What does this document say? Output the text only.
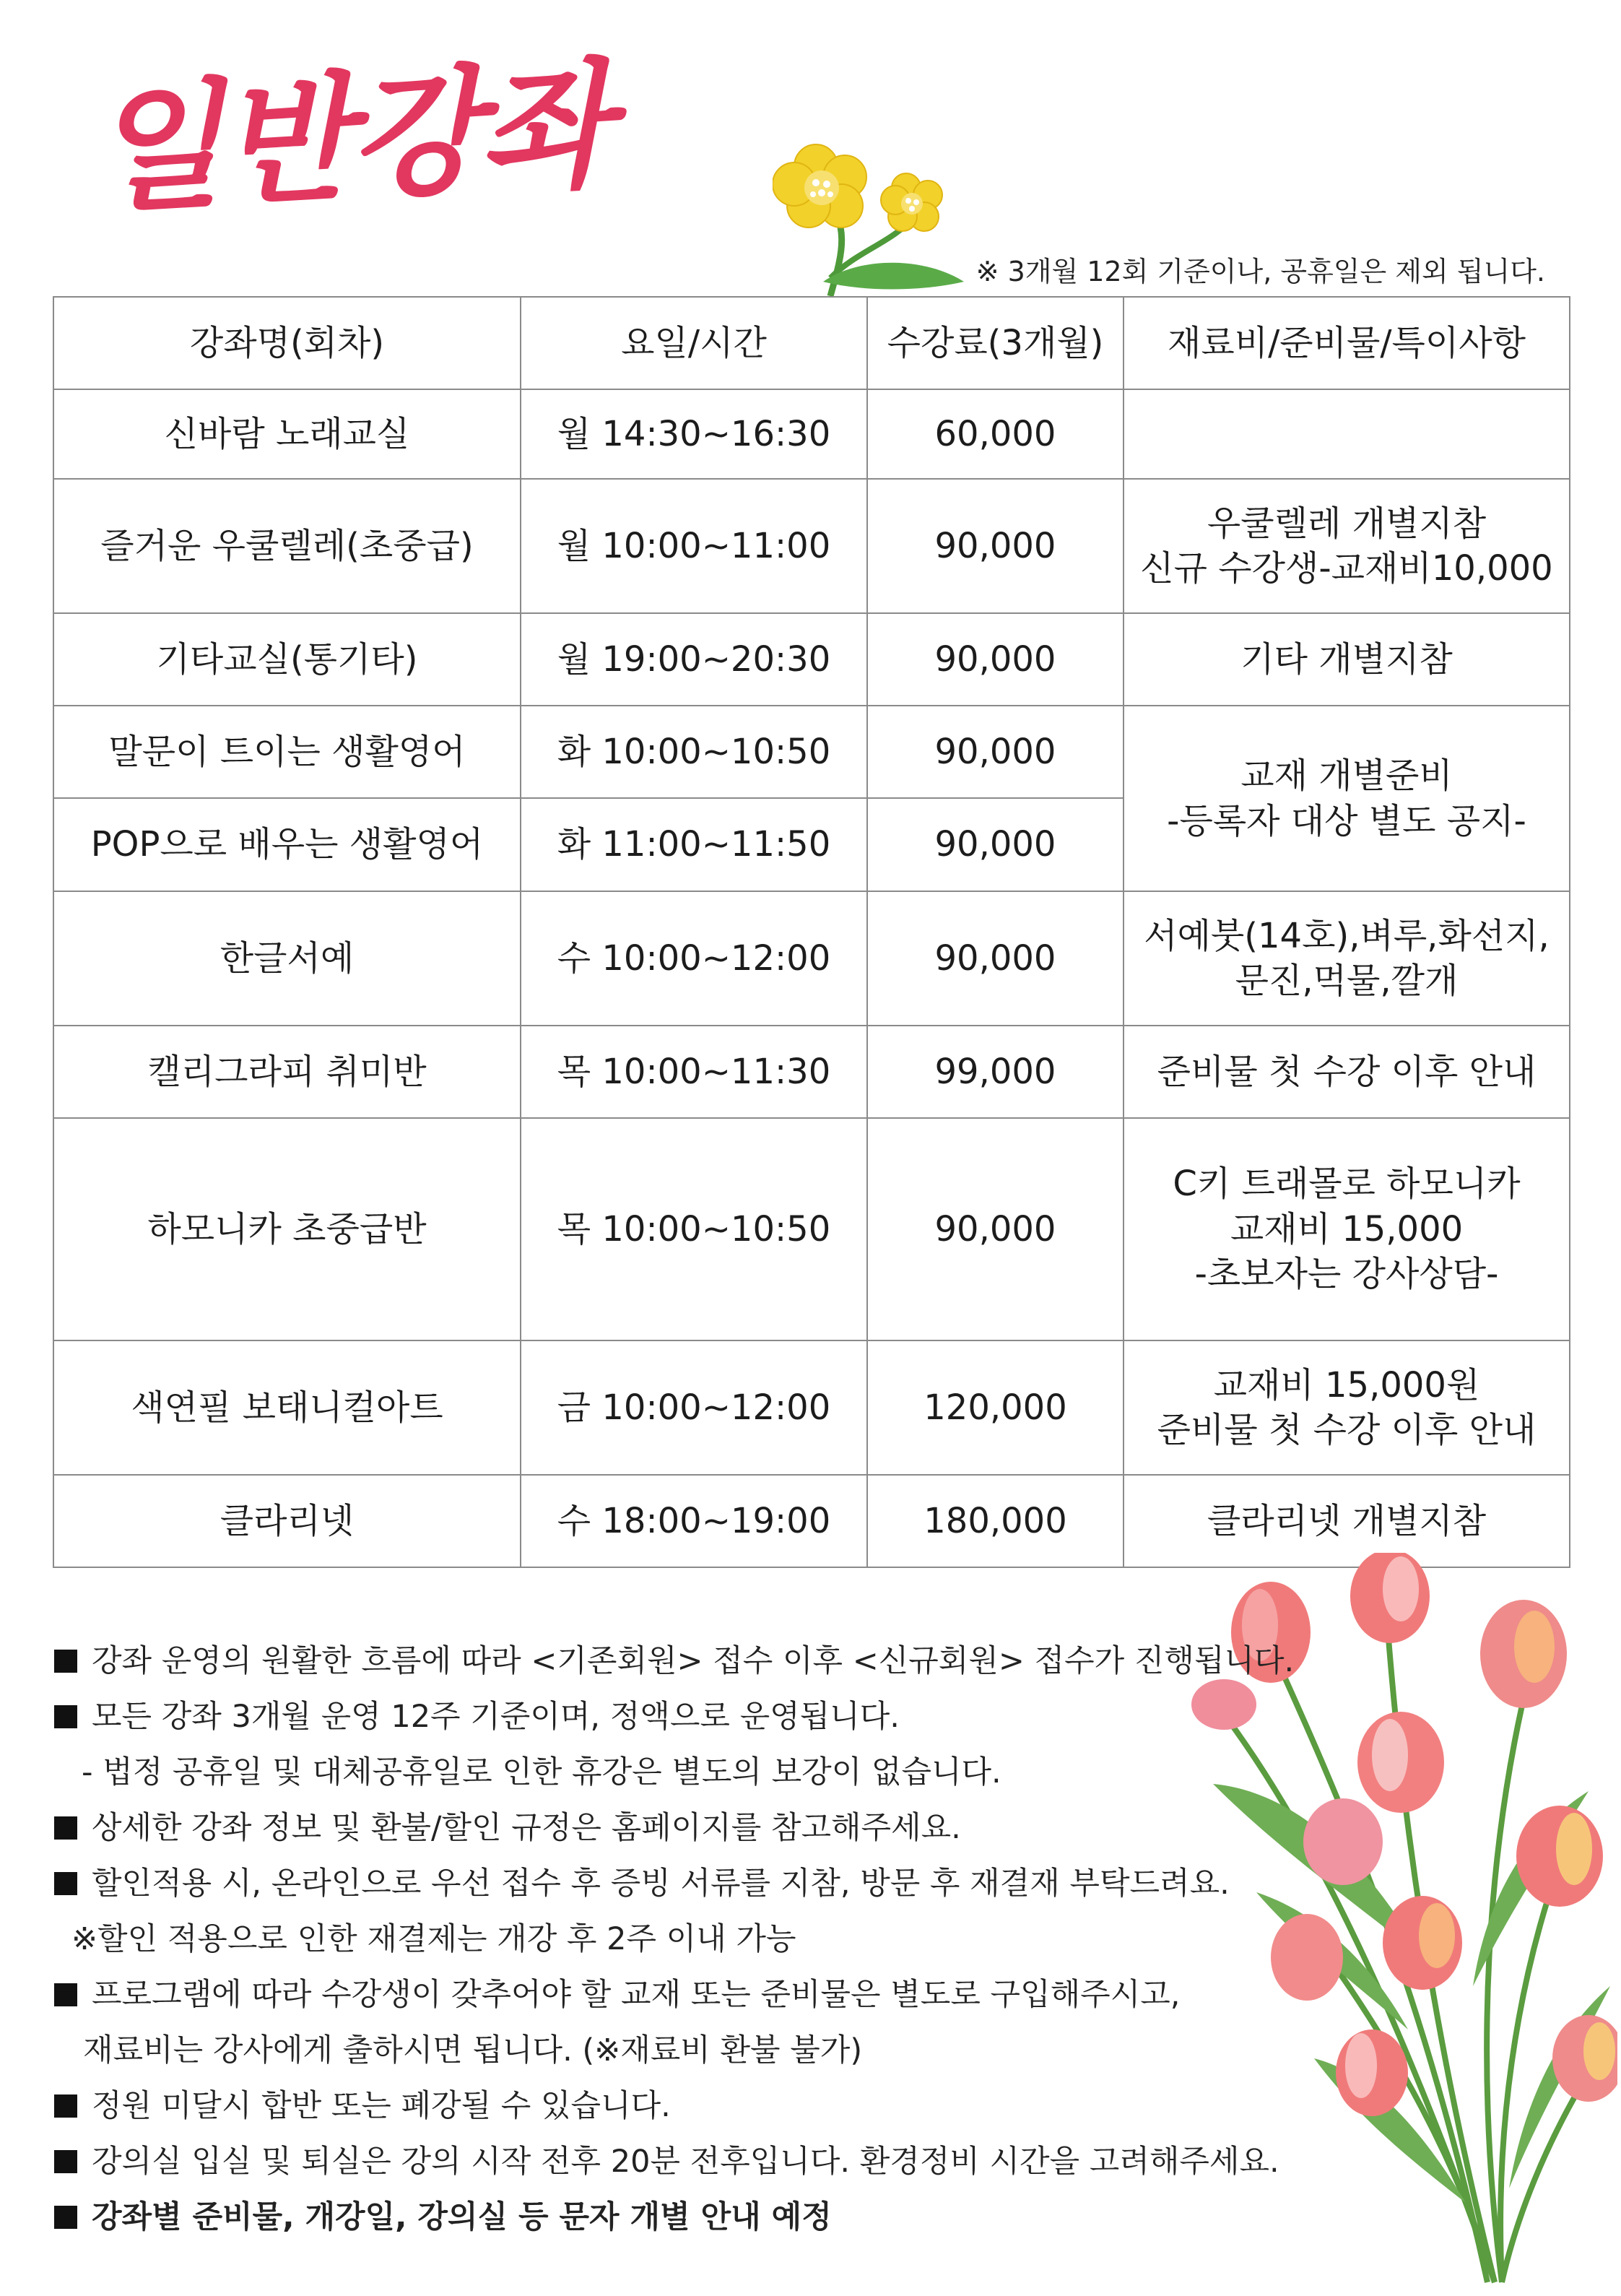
일반강좌
※ 3개월 12회 기준이나, 공휴일은 제외 됩니다.
강좌명(회차)	요일/시간	수강료(3개월)	재료비/준비물/특이사항
신바람 노래교실	월 14:30~16:30	60,000	
즐거운 우쿨렐레(초중급)	월 10:00~11:00	90,000	우쿨렐레 개별지참
신규 수강생-교재비10,000
기타교실(통기타)	월 19:00~20:30	90,000	기타 개별지참
말문이 트이는 생활영어	화 10:00~10:50	90,000	교재 개별준비
-등록자 대상 별도 공지-
POP으로 배우는 생활영어	화 11:00~11:50	90,000	
한글서예	수 10:00~12:00	90,000	서예붓(14호),벼루,화선지,
문진,먹물,깔개
캘리그라피 취미반	목 10:00~11:30	99,000	준비물 첫 수강 이후 안내
하모니카 초중급반	목 10:00~10:50	90,000	C키 트래몰로 하모니카
교재비 15,000
-초보자는 강사상담-
색연필 보태니컬아트	금 10:00~12:00	120,000	교재비 15,000원
준비물 첫 수강 이후 안내
클라리넷	수 18:00~19:00	180,000	클라리넷 개별지참
강좌 운영의 원활한 흐름에 따라 <기존회원> 접수 이후 <신규회원> 접수가 진행됩니다.
모든 강좌 3개월 운영 12주 기준이며, 정액으로 운영됩니다.
- 법정 공휴일 및 대체공휴일로 인한 휴강은 별도의 보강이 없습니다.
상세한 강좌 정보 및 환불/할인 규정은 홈페이지를 참고해주세요.
할인적용 시, 온라인으로 우선 접수 후 증빙 서류를 지참, 방문 후 재결재 부탁드려요.
※할인 적용으로 인한 재결제는 개강 후 2주 이내 가능
프로그램에 따라 수강생이 갖추어야 할 교재 또는 준비물은 별도로 구입해주시고,
재료비는 강사에게 출하시면 됩니다. (※재료비 환불 불가)
정원 미달시 합반 또는 폐강될 수 있습니다.
강의실 입실 및 퇴실은 강의 시작 전후 20분 전후입니다. 환경정비 시간을 고려해주세요.
강좌별 준비물, 개강일, 강의실 등 문자 개별 안내 예정
